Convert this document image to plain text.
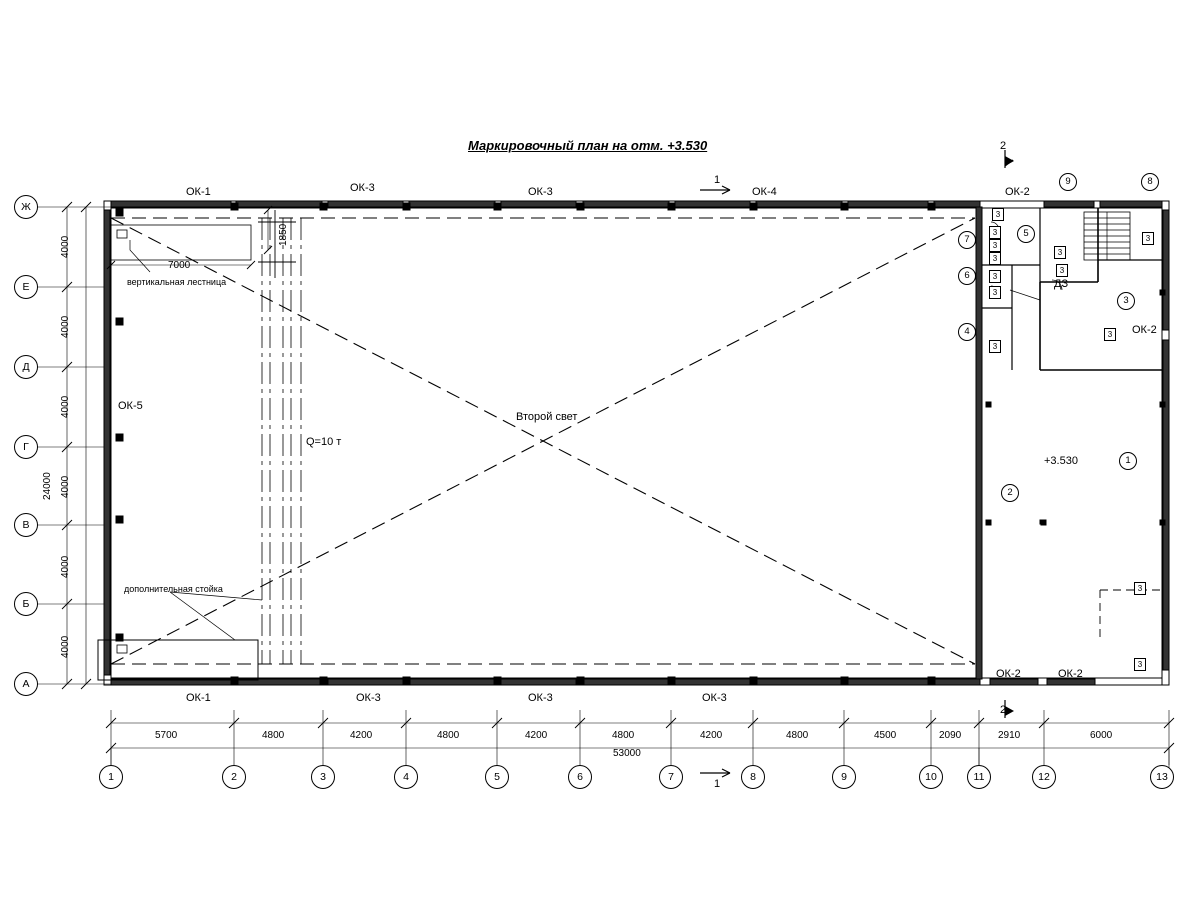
Маркировочный план на отм. +3.530
Ж
Е
Д
Г
В
Б
А
1	2	3	4	5	6	7	8	9	10	11	12	13
5700	4800	4200	4800	4200	4800	4200	4800	4500	2090	2910	6000
53000
4000
4000
4000
4000
4000
4000
24000
7000
1850
ОК-1	ОК-3	ОК-3	ОК-4	ОК-2
ОК-1	ОК-3	ОК-3	ОК-3
ОК-2	ОК-2
ОК-5
ОК-2
вертикальная лестница
дополнительная стойка
Второй свет
Q=10 т
ДЗ
+3.530
1
1
2
2
1
2
4
5
6
7
8
9
3
3
3
3
3
3
3
3
3
3
3
3
3
3
